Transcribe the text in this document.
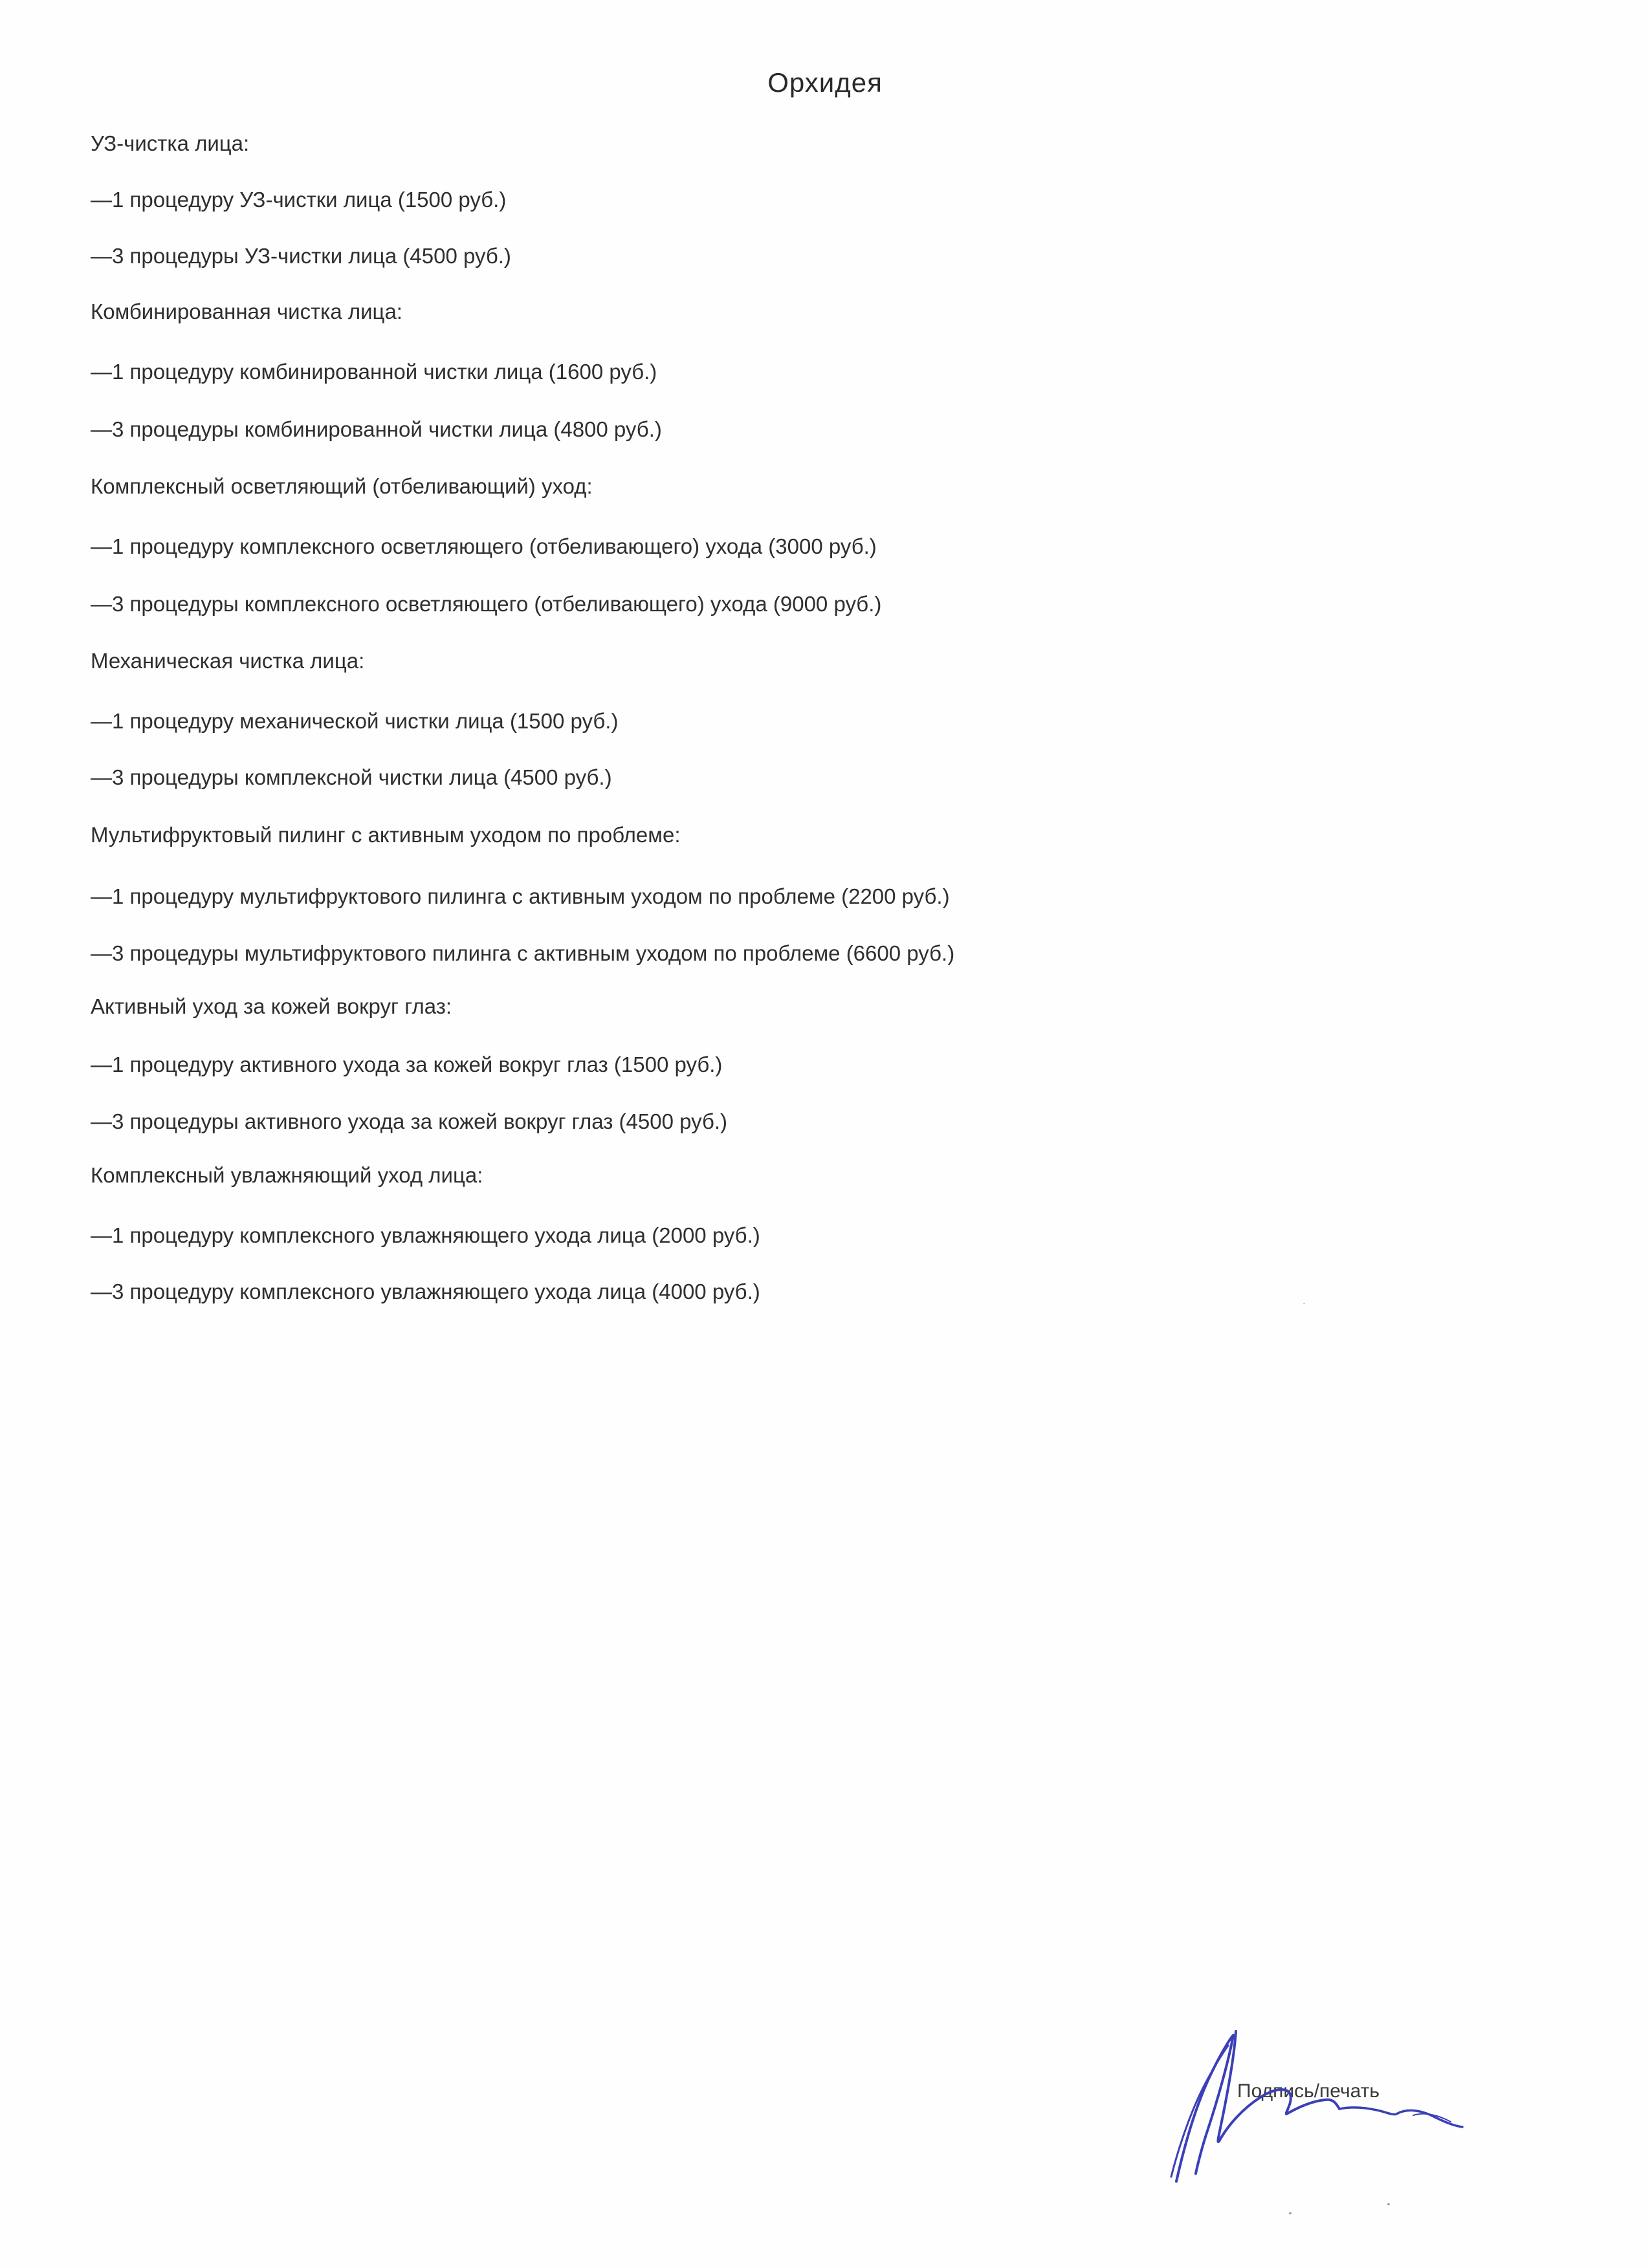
Орхидея
УЗ-чистка лица:
—1 процедуру УЗ-чистки лица (1500 руб.)
—3 процедуры УЗ-чистки лица (4500 руб.)
Комбинированная чистка лица:
—1 процедуру комбинированной чистки лица (1600 руб.)
—3 процедуры комбинированной чистки лица (4800 руб.)
Комплексный осветляющий (отбеливающий) уход:
—1 процедуру комплексного осветляющего (отбеливающего) ухода (3000 руб.)
—3 процедуры комплексного осветляющего (отбеливающего) ухода (9000 руб.)
Механическая чистка лица:
—1 процедуру механической чистки лица (1500 руб.)
—3 процедуры комплексной чистки лица (4500 руб.)
Мультифруктовый пилинг с активным уходом по проблеме:
—1 процедуру мультифруктового пилинга с активным уходом по проблеме (2200 руб.)
—3 процедуры мультифруктового пилинга с активным уходом по проблеме (6600 руб.)
Активный уход за кожей вокруг глаз:
—1 процедуру активного ухода за кожей вокруг глаз (1500 руб.)
—3 процедуры активного ухода за кожей вокруг глаз (4500 руб.)
Комплексный увлажняющий уход лица:
—1 процедуру комплексного увлажняющего ухода лица (2000 руб.)
—3 процедуру комплексного увлажняющего ухода лица (4000 руб.)
Подпись/печать
